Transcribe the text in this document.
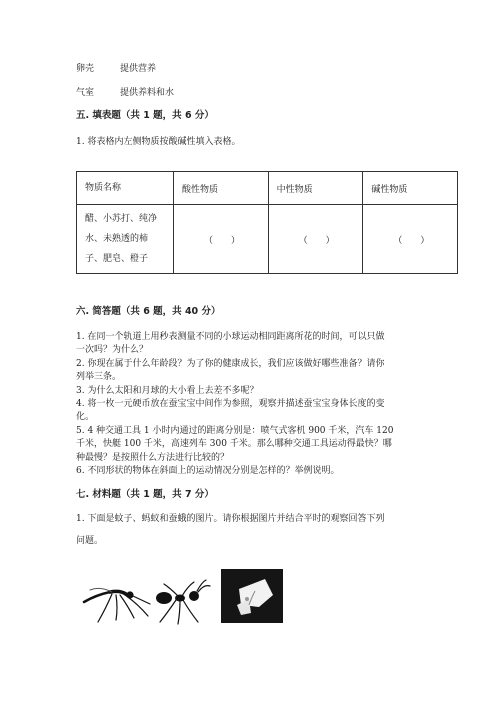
卵壳	提供营养
气室	提供养料和水
五. 填表题（共 1 题，共 6 分）
1. 将表格内左侧物质按酸碱性填入表格。
物质名称	酸性物质	中性物质	碱性物质

醋、小苏打、纯净
水、未熟透的柿
子、肥皂、橙子	（　　）	（　　）	（　　）
六. 简答题（共 6 题，共 40 分）
1. 在同一个轨道上用秒表测量不同的小球运动相同距离所花的时间，可以只做
一次吗？为什么？
2. 你现在属于什么年龄段？为了你的健康成长，我们应该做好哪些准备？请你
列举三条。
3. 为什么太阳和月球的大小看上去差不多呢？
4. 将一枚一元硬币放在蚕宝宝中间作为参照，观察并描述蚕宝宝身体长度的变
化。
5. 4 种交通工具 1 小时内通过的距离分别是：喷气式客机 900 千米，汽车 120
千米，快艇 100 千米，高速列车 300 千米。那么哪种交通工具运动得最快？哪
种最慢？是按照什么方法进行比较的？
6. 不同形状的物体在斜面上的运动情况分别是怎样的？举例说明。
七. 材料题（共 1 题，共 7 分）
1. 下面是蚊子、蚂蚁和蚕蛾的图片。请你根据图片并结合平时的观察回答下列
问题。
